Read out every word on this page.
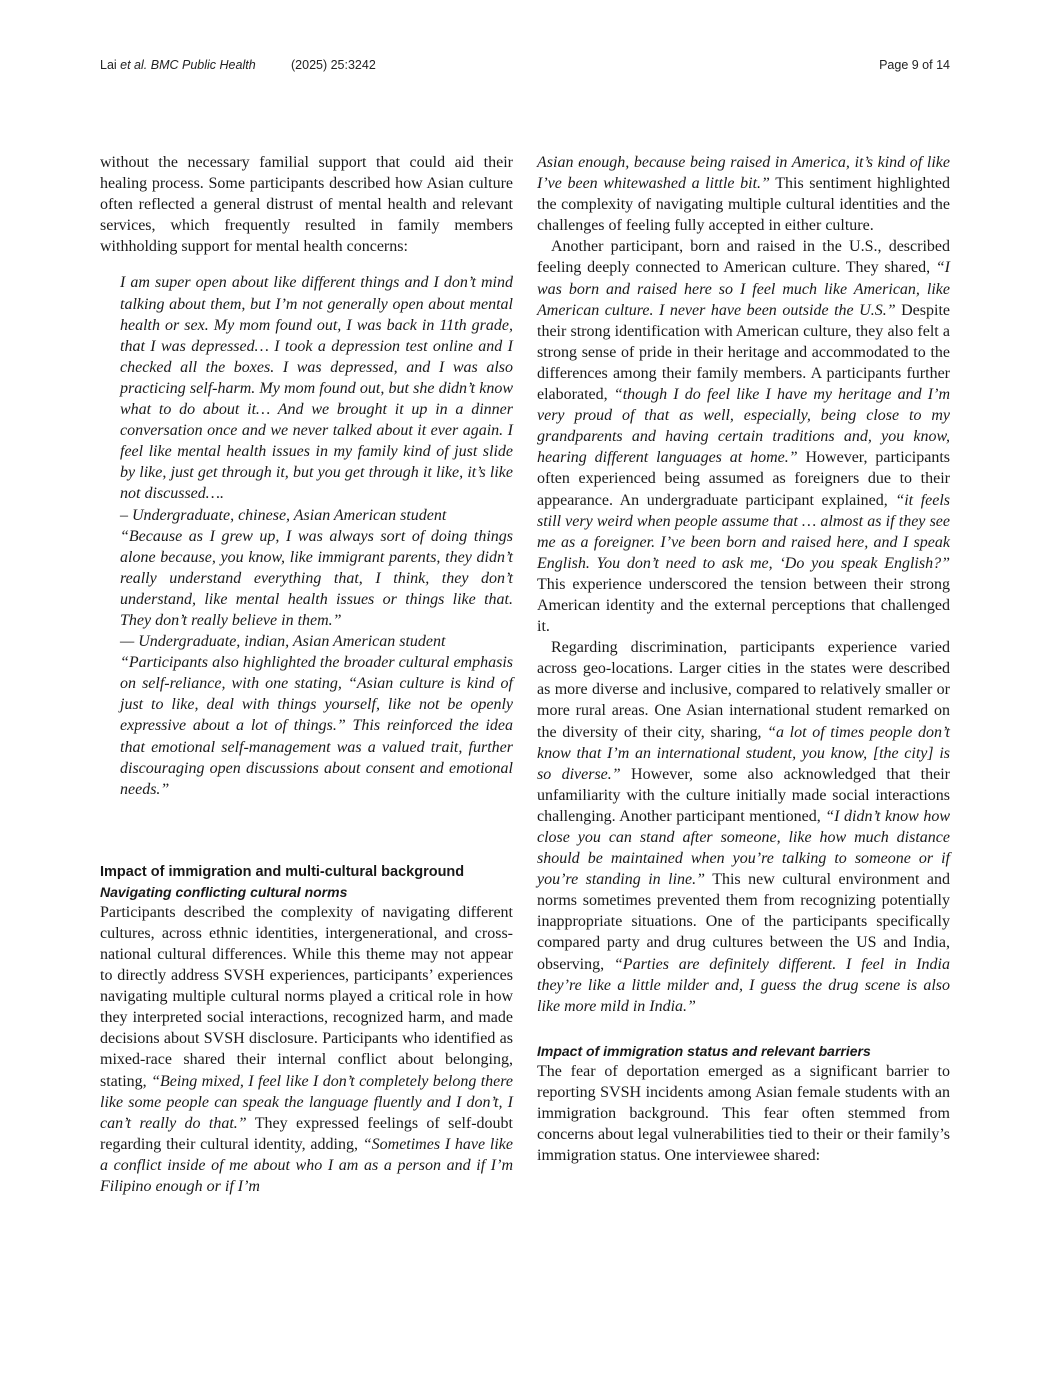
Lai et al. BMC Public Health	(2025) 25:3242	Page 9 of 14

without the necessary familial support that could aid their healing process. Some participants described how Asian culture often reflected a general distrust of mental health and relevant services, which frequently resulted in family members withholding support for mental health concerns:

I am super open about like different things and I don’t mind talking about them, but I’m not generally open about mental health or sex. My mom found out, I was back in 11th grade, that I was depressed… I took a depression test online and I checked all the boxes. I was depressed, and I was also practicing self-harm. My mom found out, but she didn’t know what to do about it… And we brought it up in a dinner conversation once and we never talked about it ever again. I feel like mental health issues in my family kind of just slide by like, just get through it, but you get through it like, it’s like not discussed….

– Undergraduate, chinese, Asian American student

“Because as I grew up, I was always sort of doing things alone because, you know, like immigrant parents, they didn’t really understand everything that, I think, they don’t understand, like mental health issues or things like that. They don’t really believe in them.”

— Undergraduate, indian, Asian American student

“Participants also highlighted the broader cultural emphasis on self-reliance, with one stating, “Asian culture is kind of just to like, deal with things yourself, like not be openly expressive about a lot of things.” This reinforced the idea that emotional self-management was a valued trait, further discouraging open discussions about consent and emotional needs.”

Impact of immigration and multi-cultural background
Navigating conflicting cultural norms

Participants described the complexity of navigating different cultures, across ethnic identities, intergenerational, and cross-national cultural differences. While this theme may not appear to directly address SVSH experiences, participants’ experiences navigating multiple cultural norms played a critical role in how they interpreted social interactions, recognized harm, and made decisions about SVSH disclosure. Participants who identified as mixed-race shared their internal conflict about belonging, stating, “Being mixed, I feel like I don’t completely belong there like some people can speak the language fluently and I don’t, I can’t really do that.” They expressed feelings of self-doubt regarding their cultural identity, adding, “Sometimes I have like a conflict inside of me about who I am as a person and if I’m Filipino enough or if I’m

Asian enough, because being raised in America, it’s kind of like I’ve been whitewashed a little bit.” This sentiment highlighted the complexity of navigating multiple cultural identities and the challenges of feeling fully accepted in either culture.

Another participant, born and raised in the U.S., described feeling deeply connected to American culture. They shared, “I was born and raised here so I feel much like American, like American culture. I never have been outside the U.S.” Despite their strong identification with American culture, they also felt a strong sense of pride in their heritage and accommodated to the differences among their family members. A participants further elaborated, “though I do feel like I have my heritage and I’m very proud of that as well, especially, being close to my grandparents and having certain traditions and, you know, hearing different languages at home.” However, participants often experienced being assumed as foreigners due to their appearance. An undergraduate participant explained, “it feels still very weird when people assume that … almost as if they see me as a foreigner. I’ve been born and raised here, and I speak English. You don’t need to ask me, ‘Do you speak English?” This experience underscored the tension between their strong American identity and the external perceptions that challenged it.

Regarding discrimination, participants experience varied across geo-locations. Larger cities in the states were described as more diverse and inclusive, compared to relatively smaller or more rural areas. One Asian international student remarked on the diversity of their city, sharing, “a lot of times people don’t know that I’m an international student, you know, [the city] is so diverse.” However, some also acknowledged that their unfamiliarity with the culture initially made social interactions challenging. Another participant mentioned, “I didn’t know how close you can stand after someone, like how much distance should be maintained when you’re talking to someone or if you’re standing in line.” This new cultural environment and norms sometimes prevented them from recognizing potentially inappropriate situations. One of the participants specifically compared party and drug cultures between the US and India, observing, “Parties are definitely different. I feel in India they’re like a little milder and, I guess the drug scene is also like more mild in India.”

Impact of immigration status and relevant barriers

The fear of deportation emerged as a significant barrier to reporting SVSH incidents among Asian female students with an immigration background. This fear often stemmed from concerns about legal vulnerabilities tied to their or their family’s immigration status. One interviewee shared:
